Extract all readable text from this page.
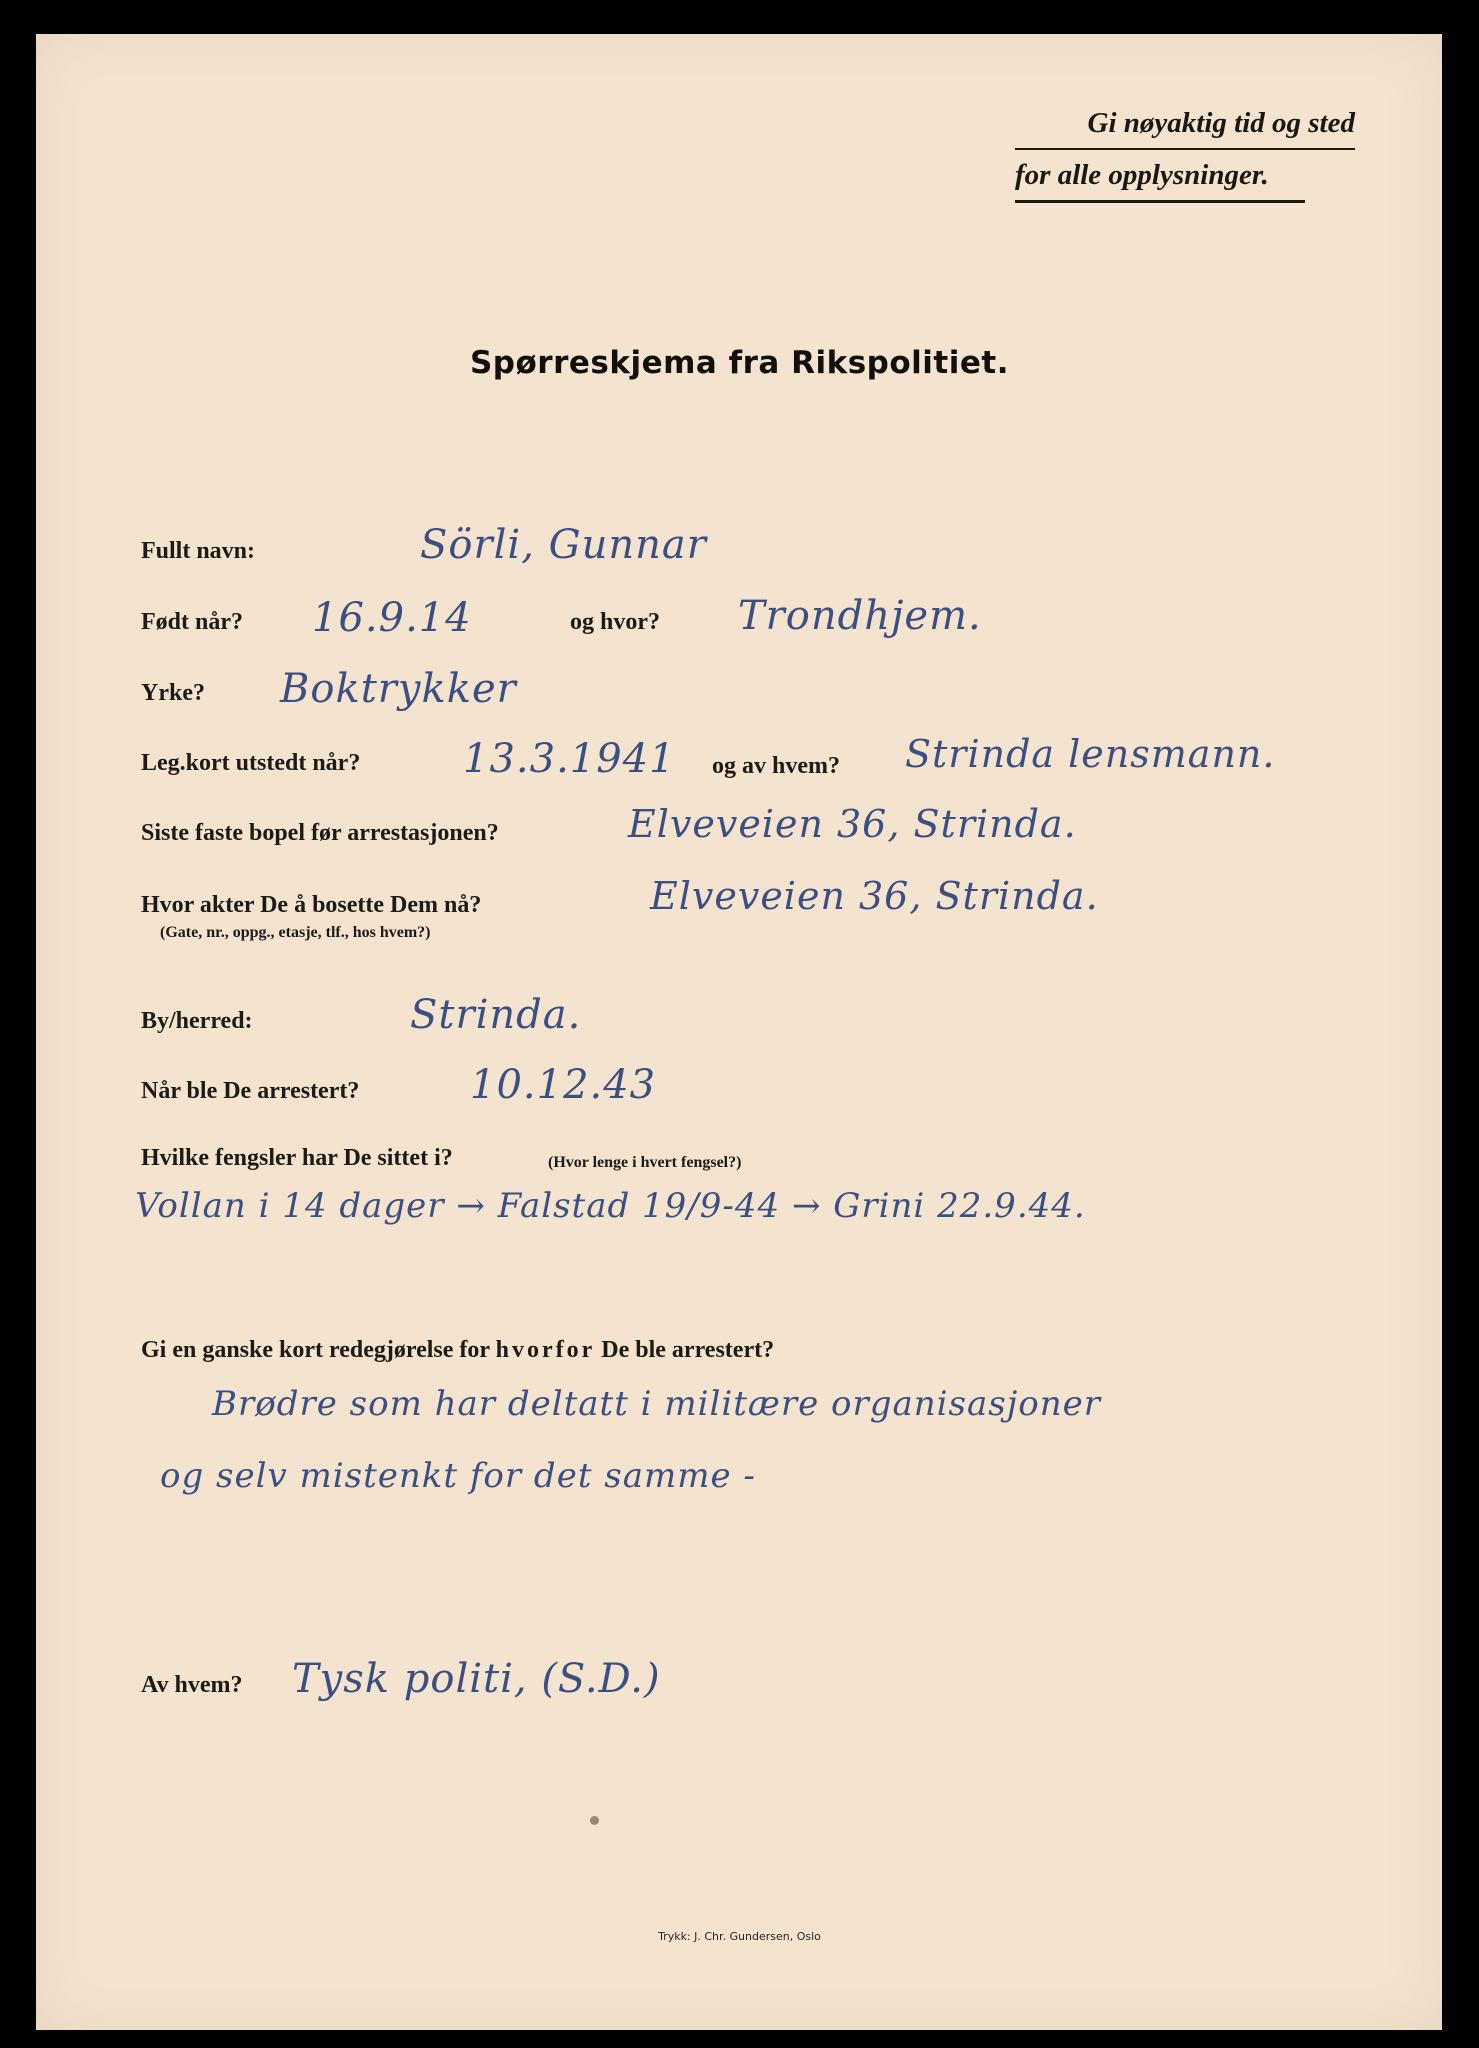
Gi nøyaktig tid og sted
for alle opplysninger.
Spørreskjema fra Rikspolitiet.
Fullt navn:	Sörli, Gunnar
Født når? 16.9.14	og hvor? Trondhjem.
Yrke? Boktrykker
Leg.kort utstedt når?	13.3.1941 og av hvem? Strinda lensmann.
Siste faste bopel før arrestasjonen?	Elveveien 36, Strinda.
Hvor akter De å bosette Dem nå?
(Gate, nr., oppg., etasje, tlf., hos hvem?)
Elveveien 36, Strinda.
By/herred:	Strinda.
Når ble De arrestert?	10.12.43
Hvilke fengsler har De sittet i?	(Hvor lenge i hvert fengsel?)
Vollan i 14 dager → Falstad 19/9-44 → Grini 22.9.44.
Gi en ganske kort redegjørelse for hvorfor De ble arrestert?
Brødre som har deltatt i militære organisasjoner
og selv mistenkt for det samme -
Av hvem? Tysk politi, (S.D.)
Trykk: J. Chr. Gundersen, Oslo
